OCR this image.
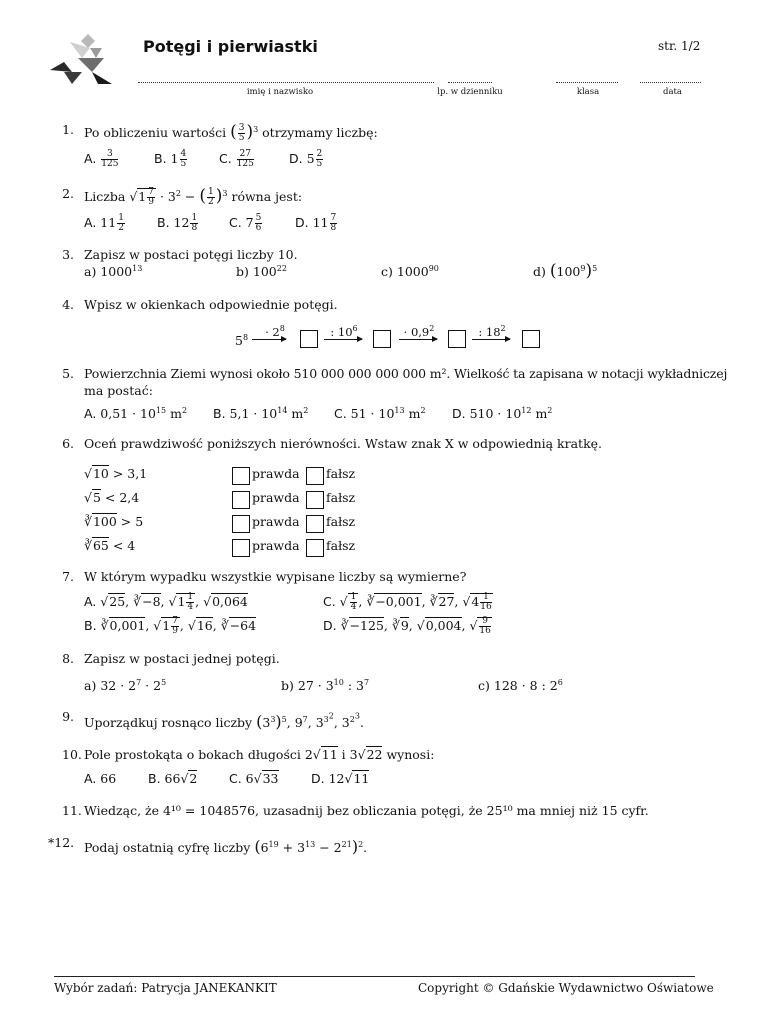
Potęgi i pierwiastki	str. 1/2
imię i nazwisko	lp. w dzienniku	klasa	data
1. Po obliczeniu wartości ( $\frac{3}{5} )^3$ otrzymamy liczbę:
A. $\frac{3}{125}$	B. $1 \frac{4}{5}$	C. $\frac{27}{125}$	D. $5 \frac{2}{5}$
2. Liczba $√1 \frac{7}{9} \cdot 3^2$ − ( $\frac{1}{2} )^3$ równa jest:
A. $11 \frac{1}{2}$	B. $12 \frac{1}{8} C$. $7 \frac{5}{6}$	D. $11 \frac{7}{8}$
3. Zapisz w postaci potęgi liczby 10.
a) 1000$^{13}$	b) $100^{22}$	c) 1000$^{90}$	d) $(100^9)^5$
4. Wpisz w okienkach odpowiednie potęgi.
$5^8$	· $2^8$	: $10^6$	· $0,9^2$	: $18^2$
5. Powierzchnia Ziemi wynosi około 510 000 000 000 000 m². Wielkość ta zapisana w notacji wykładniczej
ma postać:
A. $0,51 \cdot 10^{15}$ $m^2$ B. $5,1 \cdot 10^{14}$ $m^2$ C. $51 \cdot 10^{13}$ $m^2$ D. $510 \cdot 10^{12}$ $m^2$
6. Oceń prawdziwość poniższych nierówności. Wstaw znak X w odpowiednią kratkę.
√10 > 3,1	prawda fałsz
√5 < 2,4	prawda fałsz
∛100 > 5	prawda fałsz
∛65 < 4	prawda fałsz
7. W którym wypadku wszystkie wypisane liczby są wymierne?
A. √25, ∛−8, $√1 \frac{1}{4}$ , √0,064	C. √ $\frac{1}{4}$ , ∛−0,001, ∛27, $√4 \frac{1}{16}$
B. ∛0,001, $√1 \frac{7}{9}$ , √16, ∛−64	D. ∛−125, ∛9, √0,004, √ $\frac{9}{16}$
8. Zapisz w postaci jednej potęgi.
a) $32 \cdot 2^7 \cdot 2^5$	b) $27 \cdot 3^{10}$ : $3^7$	c) 128 · 8 : $2^6$
9. Uporządkuj rosnąco liczby $(3^3)^5$, $9^7$, $3^{3^2}$, $3^{2^3}$.
10. Pole prostokąta o bokach długości 2√11 i 3√22 wynosi:
A. 66	B. 66√2	C. 6√33	D. 12√11
11. Wiedząc, że 4¹⁰ = 1048576, uzasadnij bez obliczania potęgi, że 25¹⁰ ma mniej niż 15 cyfr.
*12. Podaj ostatnią cyfrę liczby $(6^{19} + 3^{13} - 2^{21})^2$.
Wybór zadań: Patrycja JANEKANKIT	Copyright © Gdańskie Wydawnictwo Oświatowe
